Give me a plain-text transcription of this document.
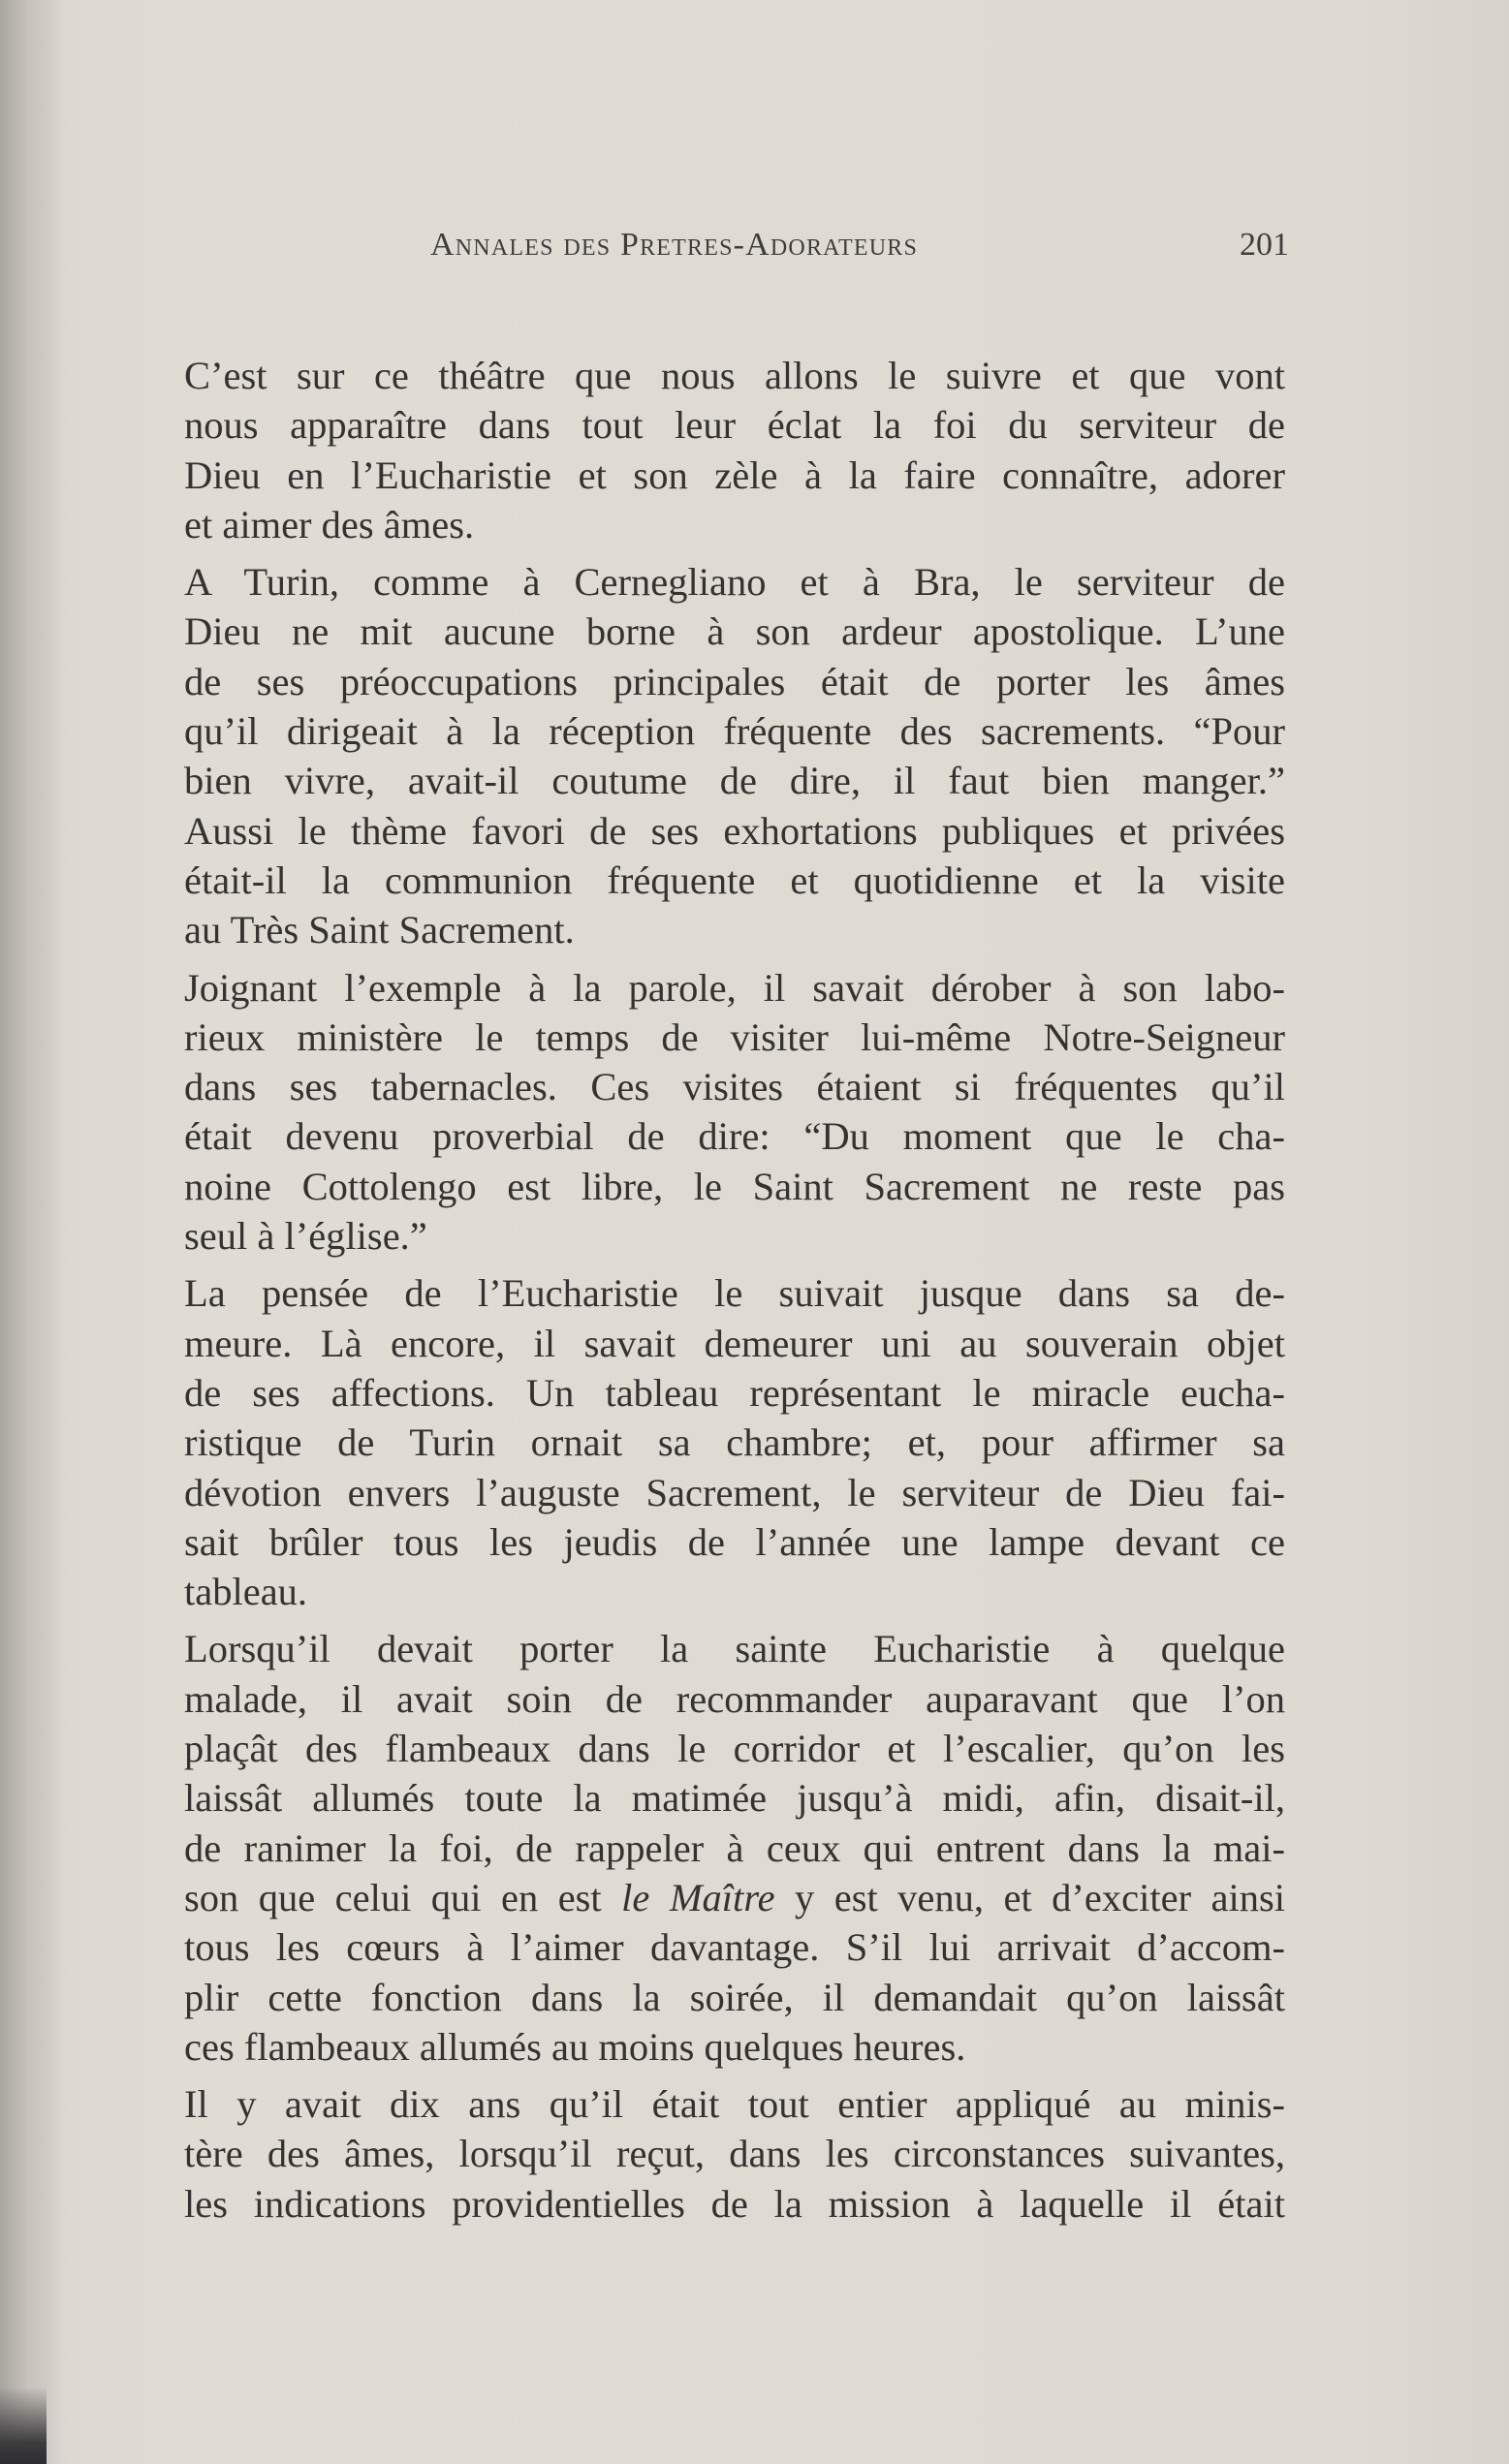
Annales des Pretres-Adorateurs	201

C’est sur ce théâtre que nous allons le suivre et que vont
nous apparaître dans tout leur éclat la foi du serviteur de
Dieu en l’Eucharistie et son zèle à la faire connaître, adorer
et aimer des âmes.

A Turin, comme à Cernegliano et à Bra, le serviteur de
Dieu ne mit aucune borne à son ardeur apostolique. L’une
de ses préoccupations principales était de porter les âmes
qu’il dirigeait à la réception fréquente des sacrements. “Pour
bien vivre, avait-il coutume de dire, il faut bien manger.”
Aussi le thème favori de ses exhortations publiques et privées
était-il la communion fréquente et quotidienne et la visite
au Très Saint Sacrement.

Joignant l’exemple à la parole, il savait dérober à son labo-
rieux ministère le temps de visiter lui-même Notre-Seigneur
dans ses tabernacles. Ces visites étaient si fréquentes qu’il
était devenu proverbial de dire: “Du moment que le cha-
noine Cottolengo est libre, le Saint Sacrement ne reste pas
seul à l’église.”

La pensée de l’Eucharistie le suivait jusque dans sa de-
meure. Là encore, il savait demeurer uni au souverain objet
de ses affections. Un tableau représentant le miracle eucha-
ristique de Turin ornait sa chambre; et, pour affirmer sa
dévotion envers l’auguste Sacrement, le serviteur de Dieu fai-
sait brûler tous les jeudis de l’année une lampe devant ce
tableau.

Lorsqu’il devait porter la sainte Eucharistie à quelque
malade, il avait soin de recommander auparavant que l’on
plaçât des flambeaux dans le corridor et l’escalier, qu’on les
laissât allumés toute la matimée jusqu’à midi, afin, disait-il,
de ranimer la foi, de rappeler à ceux qui entrent dans la mai-
son que celui qui en est le Maître y est venu, et d’exciter ainsi
tous les cœurs à l’aimer davantage. S’il lui arrivait d’accom-
plir cette fonction dans la soirée, il demandait qu’on laissât
ces flambeaux allumés au moins quelques heures.

Il y avait dix ans qu’il était tout entier appliqué au minis-
tère des âmes, lorsqu’il reçut, dans les circonstances suivantes,
les indications providentielles de la mission à laquelle il était
